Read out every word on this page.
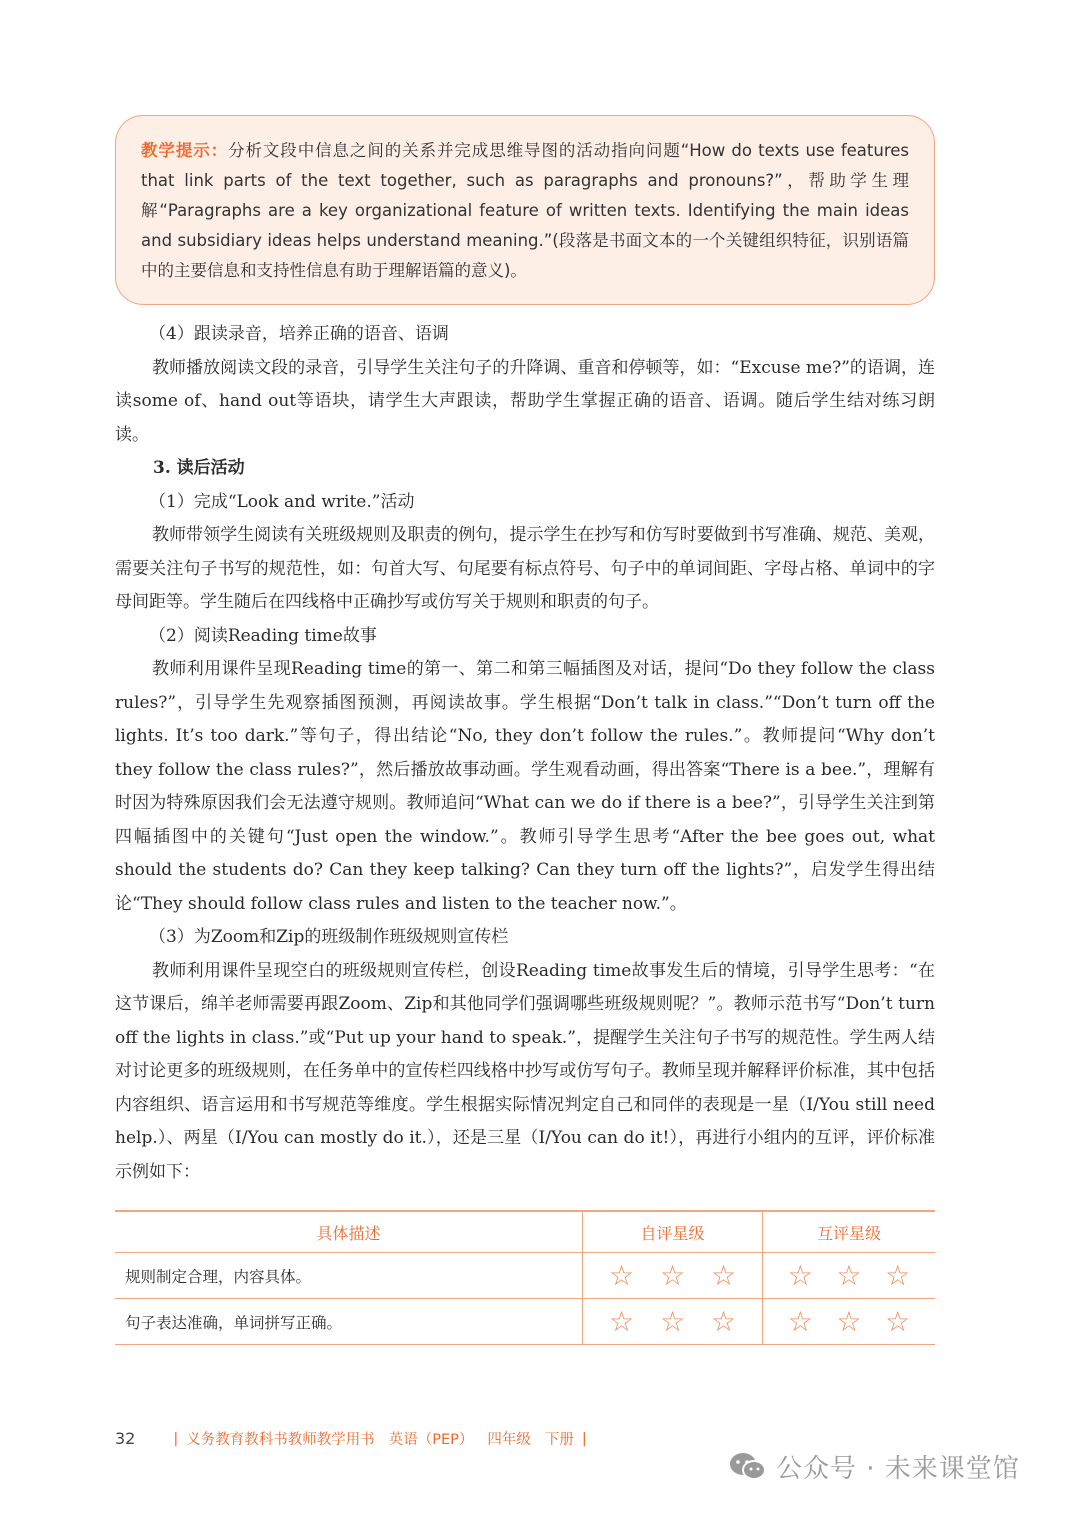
教学提示：分析文段中信息之间的关系并完成思维导图的活动指向问题“How do texts use features that link parts of the text together, such as paragraphs and pronouns?”，帮助学生理解“Paragraphs are a key organizational feature of written texts. Identifying the main ideas and subsidiary ideas helps understand meaning.”(段落是书面文本的一个关键组织特征，识别语篇中的主要信息和支持性信息有助于理解语篇的意义)。

（4）跟读录音，培养正确的语音、语调

教师播放阅读文段的录音，引导学生关注句子的升降调、重音和停顿等，如：“Excuse me?”的语调，连读some of、hand out等语块，请学生大声跟读，帮助学生掌握正确的语音、语调。随后学生结对练习朗读。

3. 读后活动

（1）完成“Look and write.”活动

教师带领学生阅读有关班级规则及职责的例句，提示学生在抄写和仿写时要做到书写准确、规范、美观，需要关注句子书写的规范性，如：句首大写、句尾要有标点符号、句子中的单词间距、字母占格、单词中的字母间距等。学生随后在四线格中正确抄写或仿写关于规则和职责的句子。

（2）阅读Reading time故事

教师利用课件呈现Reading time的第一、第二和第三幅插图及对话，提问“Do they follow the class rules?”，引导学生先观察插图预测，再阅读故事。学生根据“Don’t talk in class.”“Don’t turn off the lights. It’s too dark.”等句子，得出结论“No, they don’t follow the rules.”。教师提问“Why don’t they follow the class rules?”，然后播放故事动画。学生观看动画，得出答案“There is a bee.”，理解有时因为特殊原因我们会无法遵守规则。教师追问“What can we do if there is a bee?”，引导学生关注到第四幅插图中的关键句“Just open the window.”。教师引导学生思考“After the bee goes out, what should the students do? Can they keep talking? Can they turn off the lights?”，启发学生得出结论“They should follow class rules and listen to the teacher now.”。

（3）为Zoom和Zip的班级制作班级规则宣传栏

教师利用课件呈现空白的班级规则宣传栏，创设Reading time故事发生后的情境，引导学生思考：“在这节课后，绵羊老师需要再跟Zoom、Zip和其他同学们强调哪些班级规则呢？”。教师示范书写“Don’t turn off the lights in class.”或“Put up your hand to speak.”，提醒学生关注句子书写的规范性。学生两人结对讨论更多的班级规则，在任务单中的宣传栏四线格中抄写或仿写句子。教师呈现并解释评价标准，其中包括内容组织、语言运用和书写规范等维度。学生根据实际情况判定自己和同伴的表现是一星（I/You still need help.）、两星（I/You can mostly do it.），还是三星（I/You can do it!），再进行小组内的互评，评价标准示例如下：

具体描述	自评星级	互评星级
规则制定合理，内容具体。	☆ ☆ ☆	☆ ☆ ☆

句子表达准确，单词拼写正确。	☆ ☆ ☆	☆ ☆ ☆
32	| 义务教育教科书教师教学用书 英语（PEP） 四年级 下册 |
公众号 · 未来课堂馆
